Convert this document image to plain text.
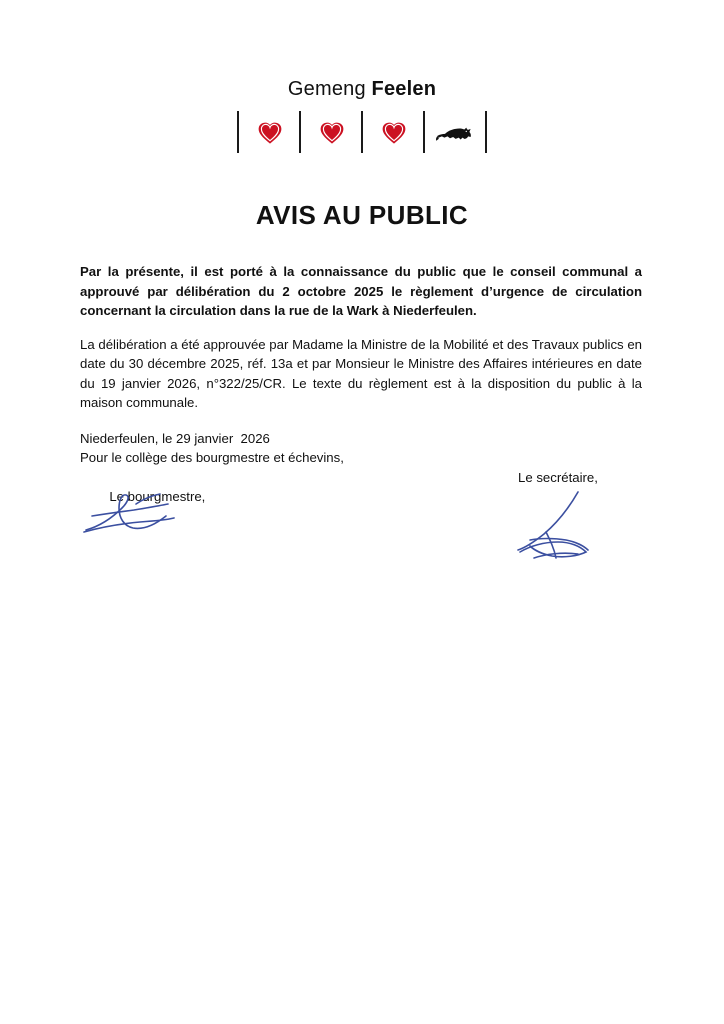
Gemeng Feelen
AVIS AU PUBLIC

Par la présente, il est porté à la connaissance du public que le conseil communal a approuvé par délibération du 2 octobre 2025 le règlement d’urgence de circulation concernant la circulation dans la rue de la Wark à Niederfeulen.

La délibération a été approuvée par Madame la Ministre de la Mobilité et des Travaux publics en date du 30 décembre 2025, réf. 13a et par Monsieur le Ministre des Affaires intérieures en date du 19 janvier 2026, n°322/25/CR. Le texte du règlement est à la disposition du public à la maison communale.

Niederfeulen, le 29 janvier  2026
Pour le collège des bourgmestre et échevins,

Le bourgmestre,

Le secrétaire,
